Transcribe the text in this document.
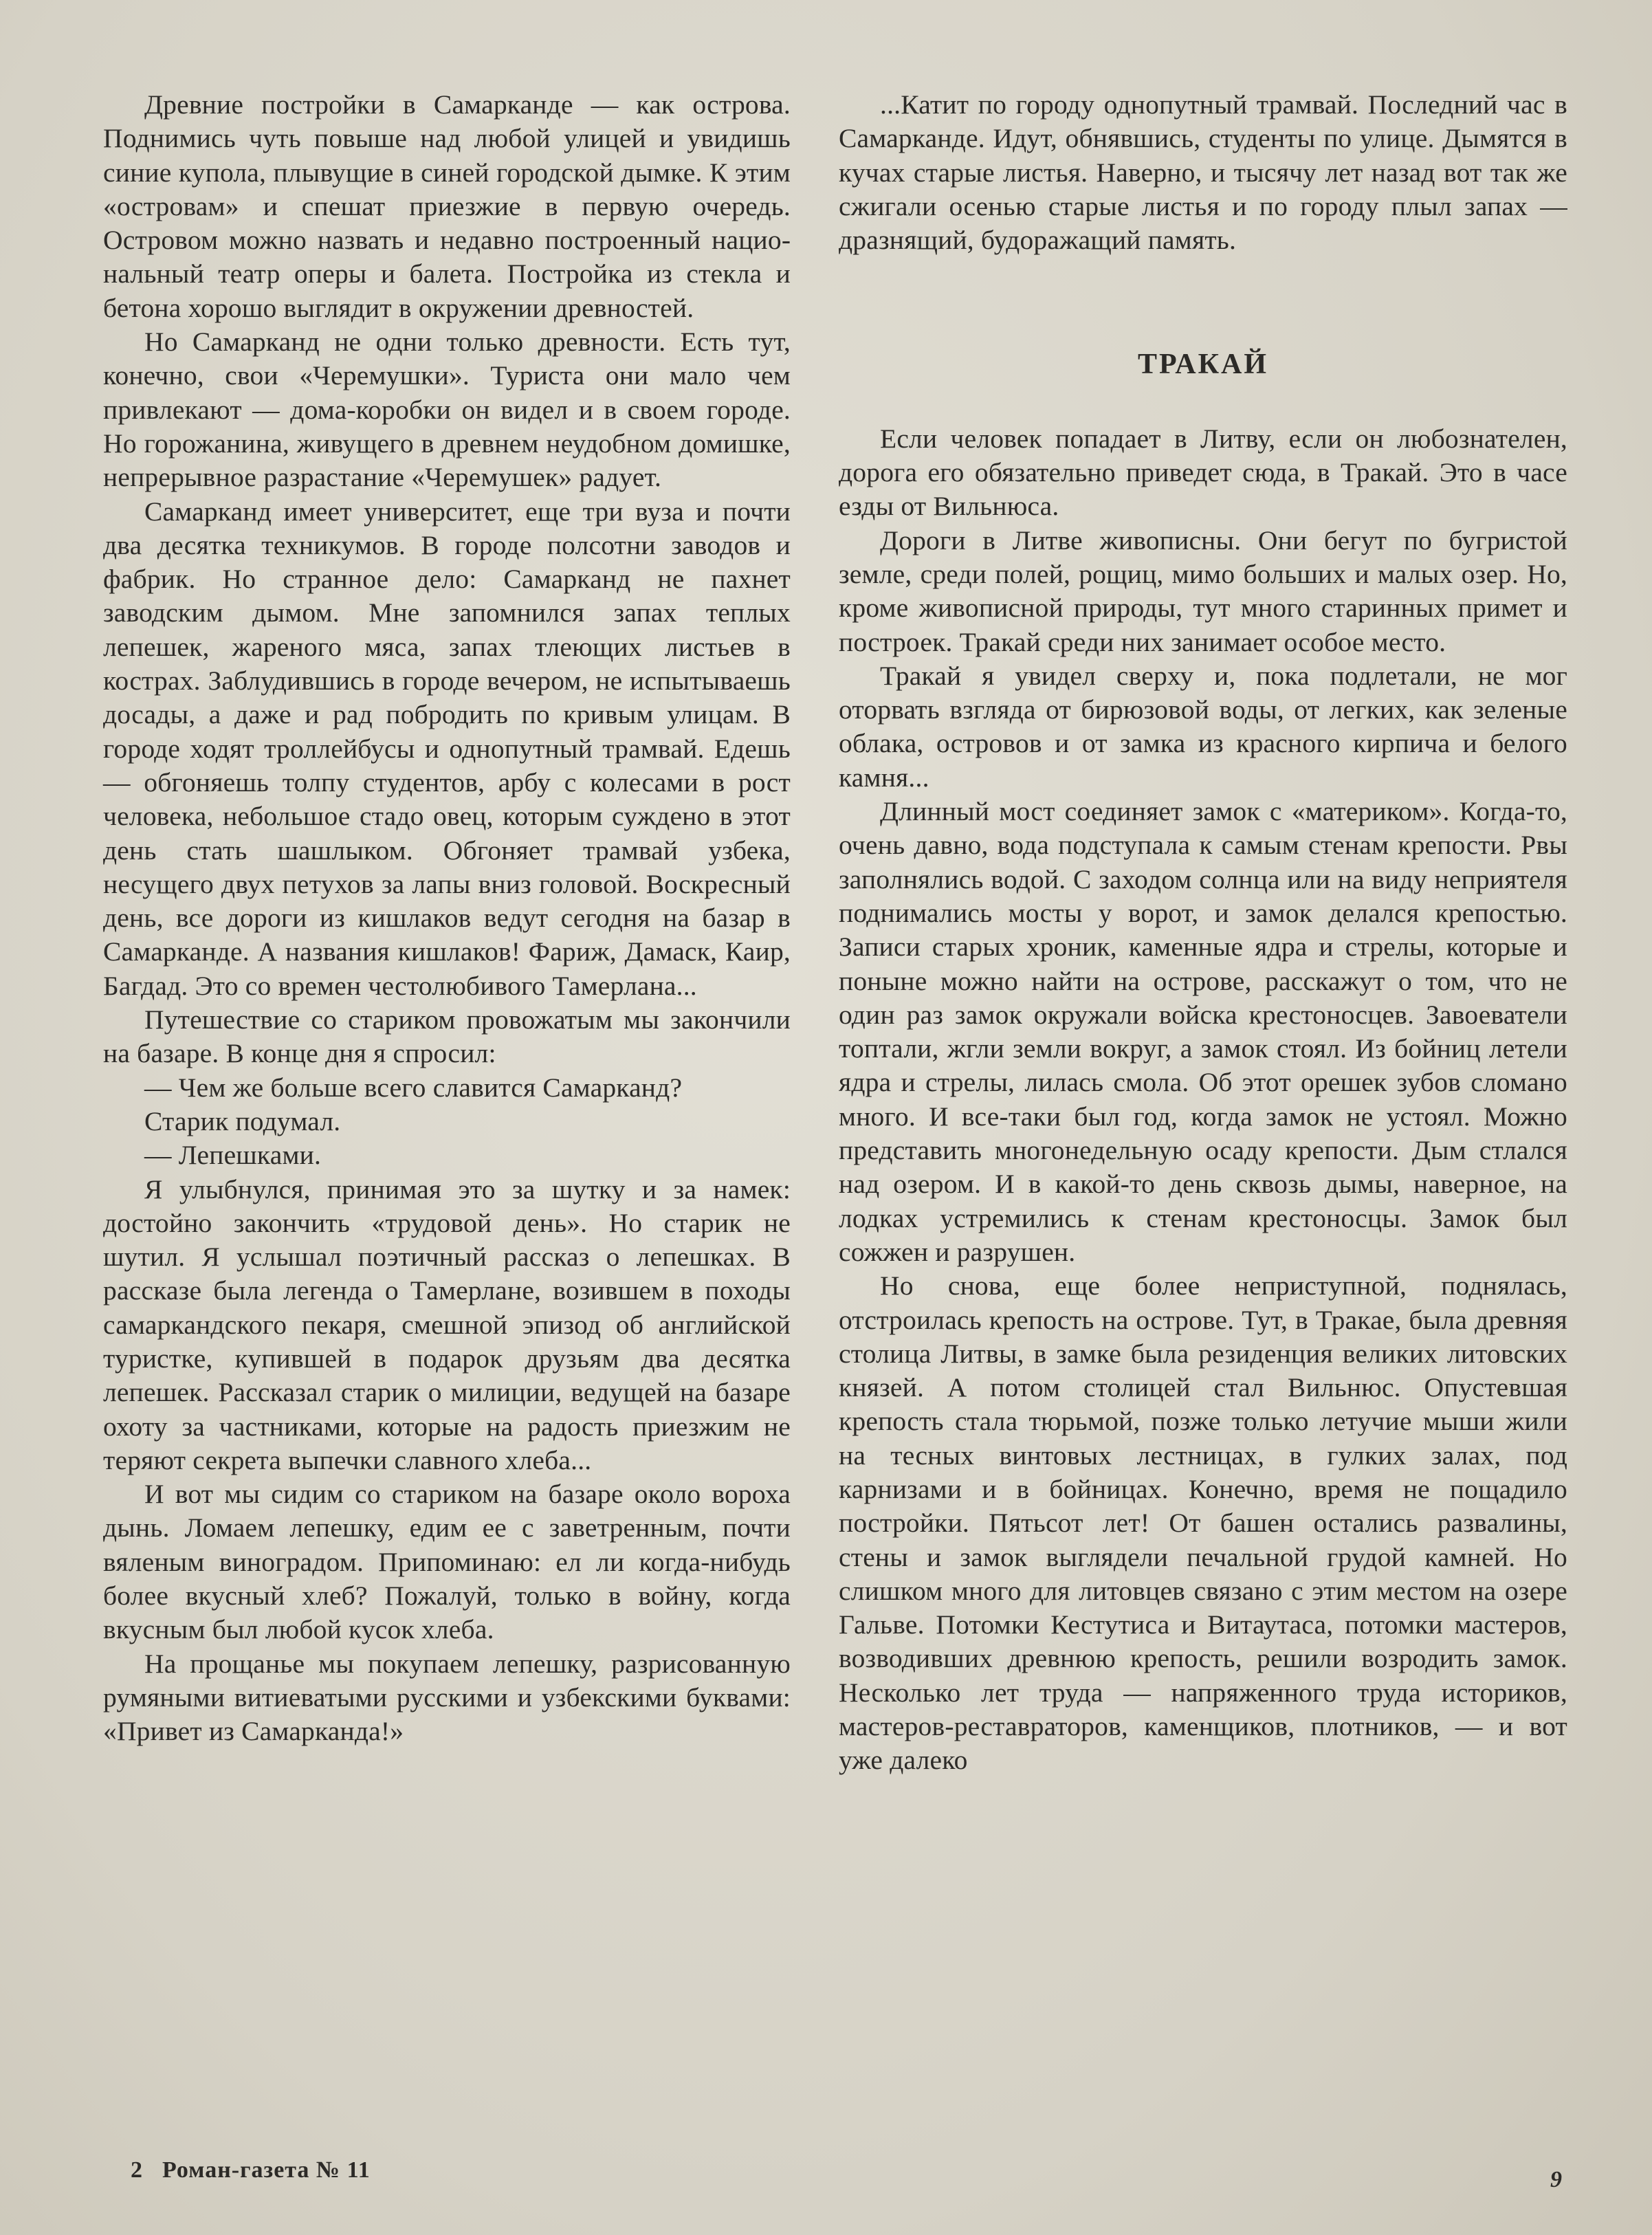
Древние постройки в Самарканде — как острова. Поднимись чуть повыше над любой улицей и увидишь синие купола, плывущие в синей городской дымке. К этим «островам» и спешат приезжие в первую очередь. Островом можно назвать и недавно построенный национальный театр оперы и балета. Постройка из стекла и бетона хорошо выглядит в окружении древностей.

Но Самарканд не одни только древности. Есть тут, конечно, свои «Черемушки». Туриста они мало чем привлекают — дома-коробки он видел и в своем городе. Но горожанина, живущего в древнем неудобном домишке, непрерывное разрастание «Черемушек» радует.

Самарканд имеет университет, еще три вуза и почти два десятка техникумов. В городе полсотни заводов и фабрик. Но странное дело: Самарканд не пахнет заводским дымом. Мне запомнился запах теплых лепешек, жареного мяса, запах тлеющих листьев в кострах. Заблудившись в городе вечером, не испытываешь досады, а даже и рад побродить по кривым улицам. В городе ходят троллейбусы и однопутный трамвай. Едешь — обгоняешь толпу студентов, арбу с колесами в рост человека, небольшое стадо овец, которым суждено в этот день стать шашлыком. Обгоняет трамвай узбека, несущего двух петухов за лапы вниз головой. Воскресный день, все дороги из кишлаков ведут сегодня на базар в Самарканде. А названия кишлаков! Фариж, Дамаск, Каир, Багдад. Это со времен честолюбивого Тамерлана...

Путешествие со стариком провожатым мы закончили на базаре. В конце дня я спросил:

— Чем же больше всего славится Самарканд?

Старик подумал.

— Лепешками.

Я улыбнулся, принимая это за шутку и за намек: достойно закончить «трудовой день». Но старик не шутил. Я услышал поэтичный рассказ о лепешках. В рассказе была легенда о Тамерлане, возившем в походы самаркандского пекаря, смешной эпизод об английской туристке, купившей в подарок друзьям два десятка лепешек. Рассказал старик о милиции, ведущей на базаре охоту за частниками, которые на радость приезжим не теряют секрета выпечки славного хлеба...

И вот мы сидим со стариком на базаре около вороха дынь. Ломаем лепешку, едим ее с заветренным, почти вяленым виноградом. Припоминаю: ел ли когда-нибудь более вкусный хлеб? Пожалуй, только в войну, когда вкусным был любой кусок хлеба.

На прощанье мы покупаем лепешку, разрисованную румяными витиеватыми русскими и узбекскими буквами: «Привет из Самарканда!»

...Катит по городу однопутный трамвай. Последний час в Самарканде. Идут, обнявшись, студенты по улице. Дымятся в кучах старые листья. Наверно, и тысячу лет назад вот так же сжигали осенью старые листья и по городу плыл запах — дразнящий, будоражащий память.

ТРАКАЙ

Если человек попадает в Литву, если он любознателен, дорога его обязательно приведет сюда, в Тракай. Это в часе езды от Вильнюса.

Дороги в Литве живописны. Они бегут по бугристой земле, среди полей, рощиц, мимо больших и малых озер. Но, кроме живописной природы, тут много старинных примет и построек. Тракай среди них занимает особое место.

Тракай я увидел сверху и, пока подлетали, не мог оторвать взгляда от бирюзовой воды, от легких, как зеленые облака, островов и от замка из красного кирпича и белого камня...

Длинный мост соединяет замок с «материком». Когда-то, очень давно, вода подступала к самым стенам крепости. Рвы заполнялись водой. С заходом солнца или на виду неприятеля поднимались мосты у ворот, и замок делался крепостью. Записи старых хроник, каменные ядра и стрелы, которые и поныне можно найти на острове, расскажут о том, что не один раз замок окружали войска крестоносцев. Завоеватели топтали, жгли земли вокруг, а замок стоял. Из бойниц летели ядра и стрелы, лилась смола. Об этот орешек зубов сломано много. И все-таки был год, когда замок не устоял. Можно представить многонедельную осаду крепости. Дым стлался над озером. И в какой-то день сквозь дымы, наверное, на лодках устремились к стенам крестоносцы. Замок был сожжен и разрушен.

Но снова, еще более неприступной, поднялась, отстроилась крепость на острове. Тут, в Тракае, была древняя столица Литвы, в замке была резиденция великих литовских князей. А потом столицей стал Вильнюс. Опустевшая крепость стала тюрьмой, позже только летучие мыши жили на тесных винтовых лестницах, в гулких залах, под карнизами и в бойницах. Конечно, время не пощадило постройки. Пятьсот лет! От башен остались развалины, стены и замок выглядели печальной грудой камней. Но слишком много для литовцев связано с этим местом на озере Гальве. Потомки Кестутиса и Витаутаса, потомки мастеров, возводивших древнюю крепость, решили возродить замок. Несколько лет труда — напряженного труда историков, мастеров-реставраторов, каменщиков, плотников, — и вот уже далеко

2 Роман-газета № 11	9
